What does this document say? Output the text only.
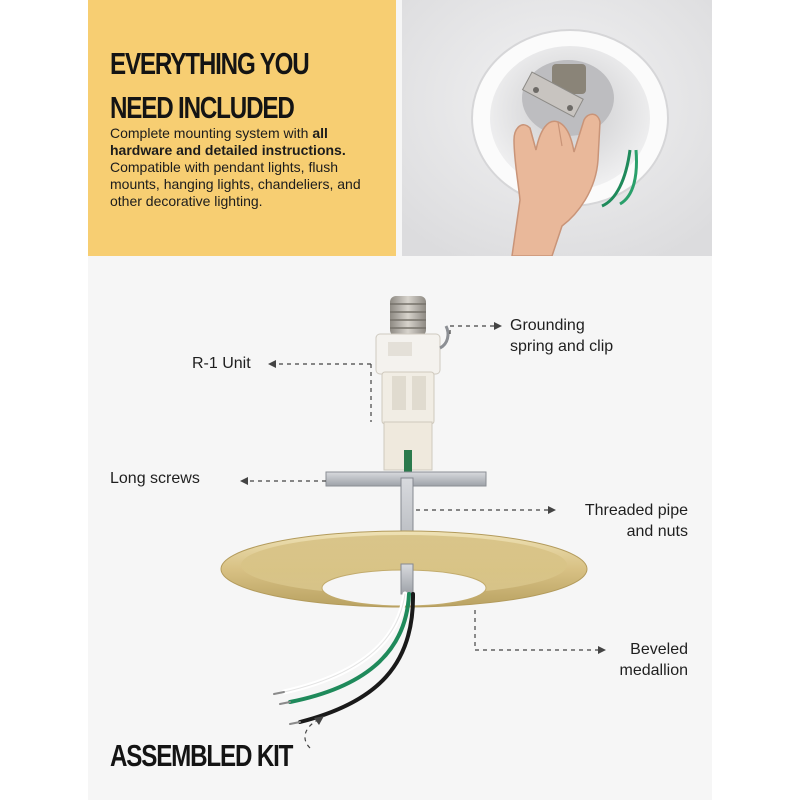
EVERYTHING YOU
NEED INCLUDED
Complete mounting system with all hardware and detailed instructions. Compatible with pendant lights, flush mounts, hanging lights, chandeliers, and other decorative lighting.
Grounding
spring and clip
R-1 Unit
Long screws
Threaded pipe
and nuts
Beveled
medallion
ASSEMBLED KIT
